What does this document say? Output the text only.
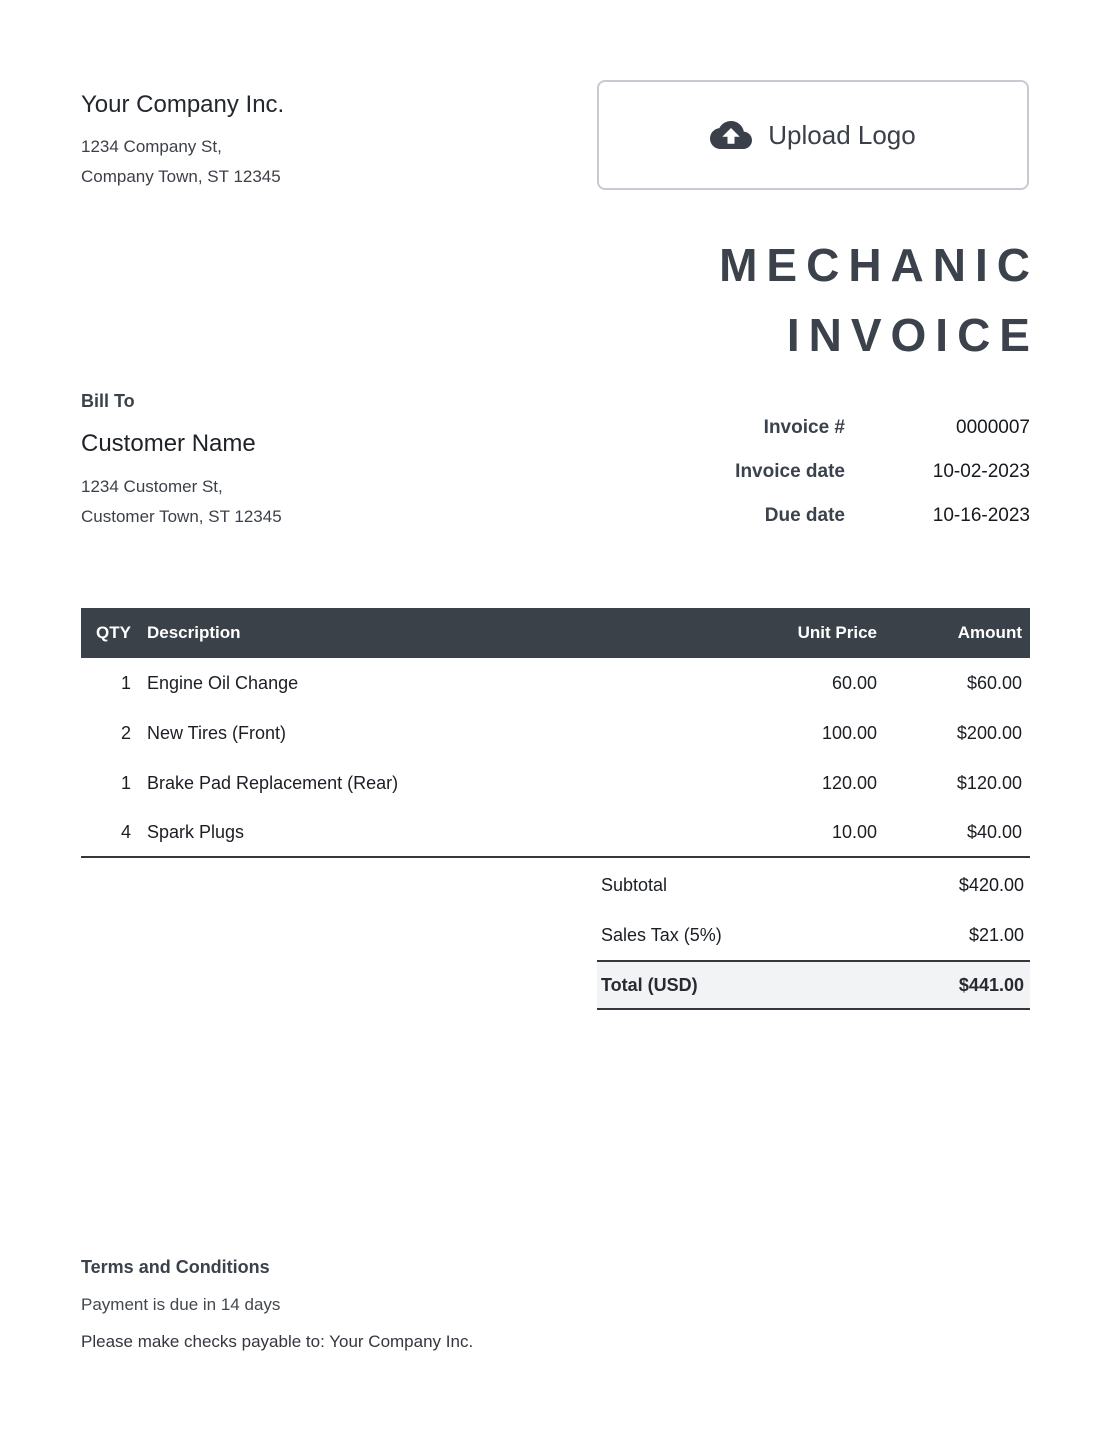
Your Company Inc.
1234 Company St,
Company Town, ST 12345
Upload Logo
MECHANIC
INVOICE
Bill To
Customer Name
1234 Customer St,
Customer Town, ST 12345
Invoice #	0000007
Invoice date	10-02-2023
Due date	10-16-2023
QTY Description	Unit Price	Amount
1 Engine Oil Change	60.00	$60.00
2 New Tires (Front)	100.00	$200.00
1 Brake Pad Replacement (Rear)	120.00	$120.00
4 Spark Plugs	10.00	$40.00
Subtotal	$420.00
Sales Tax (5%)	$21.00
Total (USD)	$441.00
Terms and Conditions
Payment is due in 14 days
Please make checks payable to: Your Company Inc.
